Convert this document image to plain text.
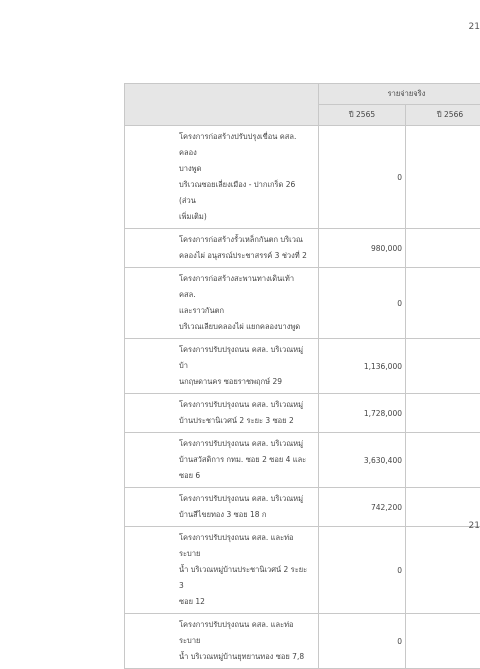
21
	รายจ่ายจริง	
	ปี 2565	ปี 2566

โครงการก่อสร้างปรับปรุงเขื่อน คสล. คลอง
บางพูด
บริเวณซอยเลี่ยงเมือง - ปากเกร็ด 26 (ส่วน
เพิ่มเติม)	0	

โครงการก่อสร้างรั้วเหล็กกันตก บริเวณ
คลองไผ่ อนุสรณ์ประชาสรรค์ 3 ช่วงที่ 2	980,000	

โครงการก่อสร้างสะพานทางเดินเท้า คสล.
และราวกันตก
บริเวณเลียบคลองไผ่ แยกคลองบางพูด	0	

โครงการปรับปรุงถนน คสล. บริเวณหมู่บ้า
นกฤษดานคร ซอยราชพฤกษ์ 29	1,136,000	

โครงการปรับปรุงถนน คสล. บริเวณหมู่
บ้านประชานิเวศน์ 2 ระยะ 3 ซอย 2	1,728,000	

โครงการปรับปรุงถนน คสล. บริเวณหมู่
บ้านสวัสดิการ กทม. ซอย 2 ซอย 4 และ
ซอย 6	3,630,400	

โครงการปรับปรุงถนน คสล. บริเวณหมู่
บ้านสีไขยทอง 3 ซอย 18 ก	742,200	

โครงการปรับปรุงถนน คสล. และท่อระบาย
น้ำ บริเวณหมู่บ้านประชานิเวศน์ 2 ระยะ 3
ซอย 12	0	

โครงการปรับปรุงถนน คสล. และท่อระบาย
น้ำ บริเวณหมู่บ้านยุทยานทอง ซอย 7,8	0	
21
